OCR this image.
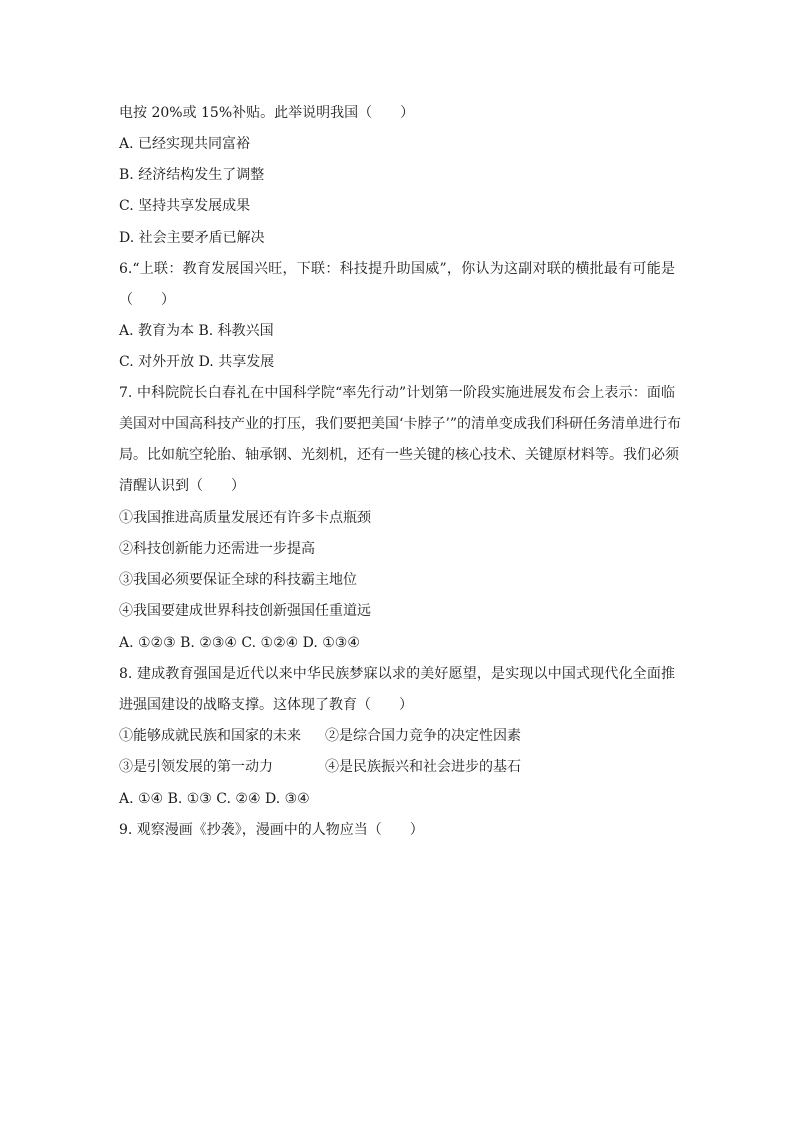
电按 20%或 15%补贴。此举说明我国（　　）
A. 已经实现共同富裕
B. 经济结构发生了调整
C. 坚持共享发展成果
D. 社会主要矛盾已解决
6.“上联：教育发展国兴旺，下联：科技提升助国威”，你认为这副对联的横批最有可能是
（　　）
A. 教育为本 B. 科教兴国
C. 对外开放 D. 共享发展
7. 中科院院长白春礼在中国科学院“率先行动”计划第一阶段实施进展发布会上表示：面临
美国对中国高科技产业的打压，我们要把美国‘卡脖子’”的清单变成我们科研任务清单进行布
局。比如航空轮胎、轴承钢、光刻机，还有一些关键的核心技术、关键原材料等。我们必须
清醒认识到（　　）
①我国推进高质量发展还有许多卡点瓶颈
②科技创新能力还需进一步提高
③我国必须要保证全球的科技霸主地位
④我国要建成世界科技创新强国任重道远
A. ①②③ B. ②③④ C. ①②④ D. ①③④
8. 建成教育强国是近代以来中华民族梦寐以求的美好愿望，是实现以中国式现代化全面推
进强国建设的战略支撑。这体现了教育（　　）
①能够成就民族和国家的未来 ②是综合国力竞争的决定性因素
③是引领发展的第一动力	④是民族振兴和社会进步的基石
A. ①④ B. ①③ C. ②④ D. ③④
9. 观察漫画《抄袭》，漫画中的人物应当（　　）
